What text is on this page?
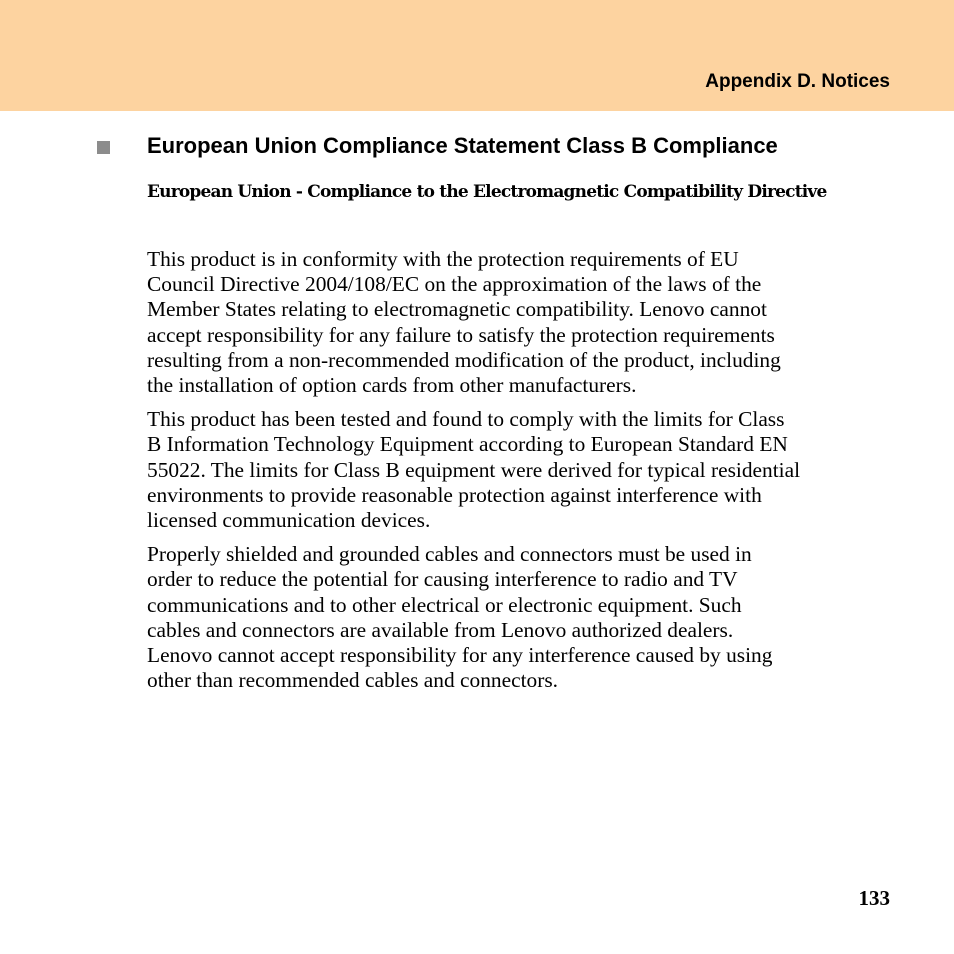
Appendix D. Notices
European Union Compliance Statement Class B Compliance
European Union - Compliance to the Electromagnetic Compatibility Directive

This product is in conformity with the protection requirements of EU
Council Directive 2004/108/EC on the approximation of the laws of the
Member States relating to electromagnetic compatibility. Lenovo cannot
accept responsibility for any failure to satisfy the protection requirements
resulting from a non-recommended modification of the product, including
the installation of option cards from other manufacturers.

This product has been tested and found to comply with the limits for Class
B Information Technology Equipment according to European Standard EN
55022. The limits for Class B equipment were derived for typical residential
environments to provide reasonable protection against interference with
licensed communication devices.

Properly shielded and grounded cables and connectors must be used in
order to reduce the potential for causing interference to radio and TV
communications and to other electrical or electronic equipment. Such
cables and connectors are available from Lenovo authorized dealers.
Lenovo cannot accept responsibility for any interference caused by using
other than recommended cables and connectors.

133
